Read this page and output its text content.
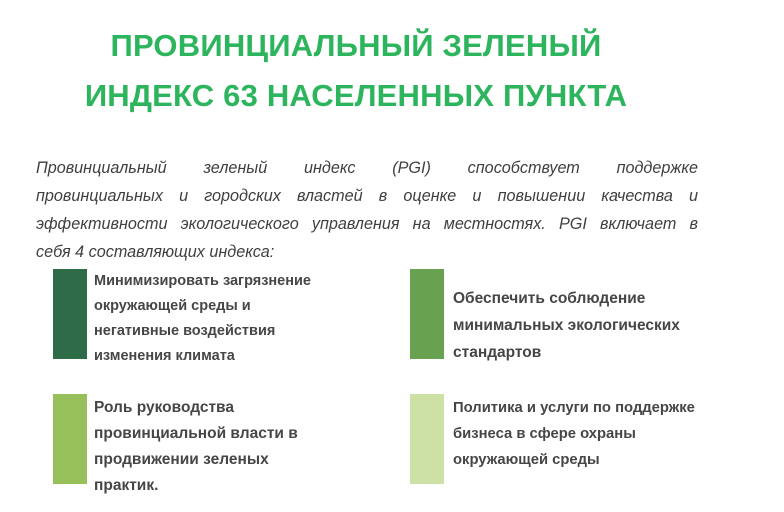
ПРОВИНЦИАЛЬНЫЙ ЗЕЛЕНЫЙ
ИНДЕКС 63 НАСЕЛЕННЫХ ПУНКТА
Провинциальный зеленый индекс (PGI) способствует поддержке
провинциальных и городских властей в оценке и повышении качества и
эффективности экологического управления на местностях. PGI включает в
себя 4 составляющих индекса:
Минимизировать загрязнение
окружающей среды и
негативные воздействия
изменения климата
Обеспечить соблюдение
минимальных экологических
стандартов
Роль руководства
провинциальной власти в
продвижении зеленых
практик.
Политика и услуги по поддержке
бизнеса в сфере охраны
окружающей среды
